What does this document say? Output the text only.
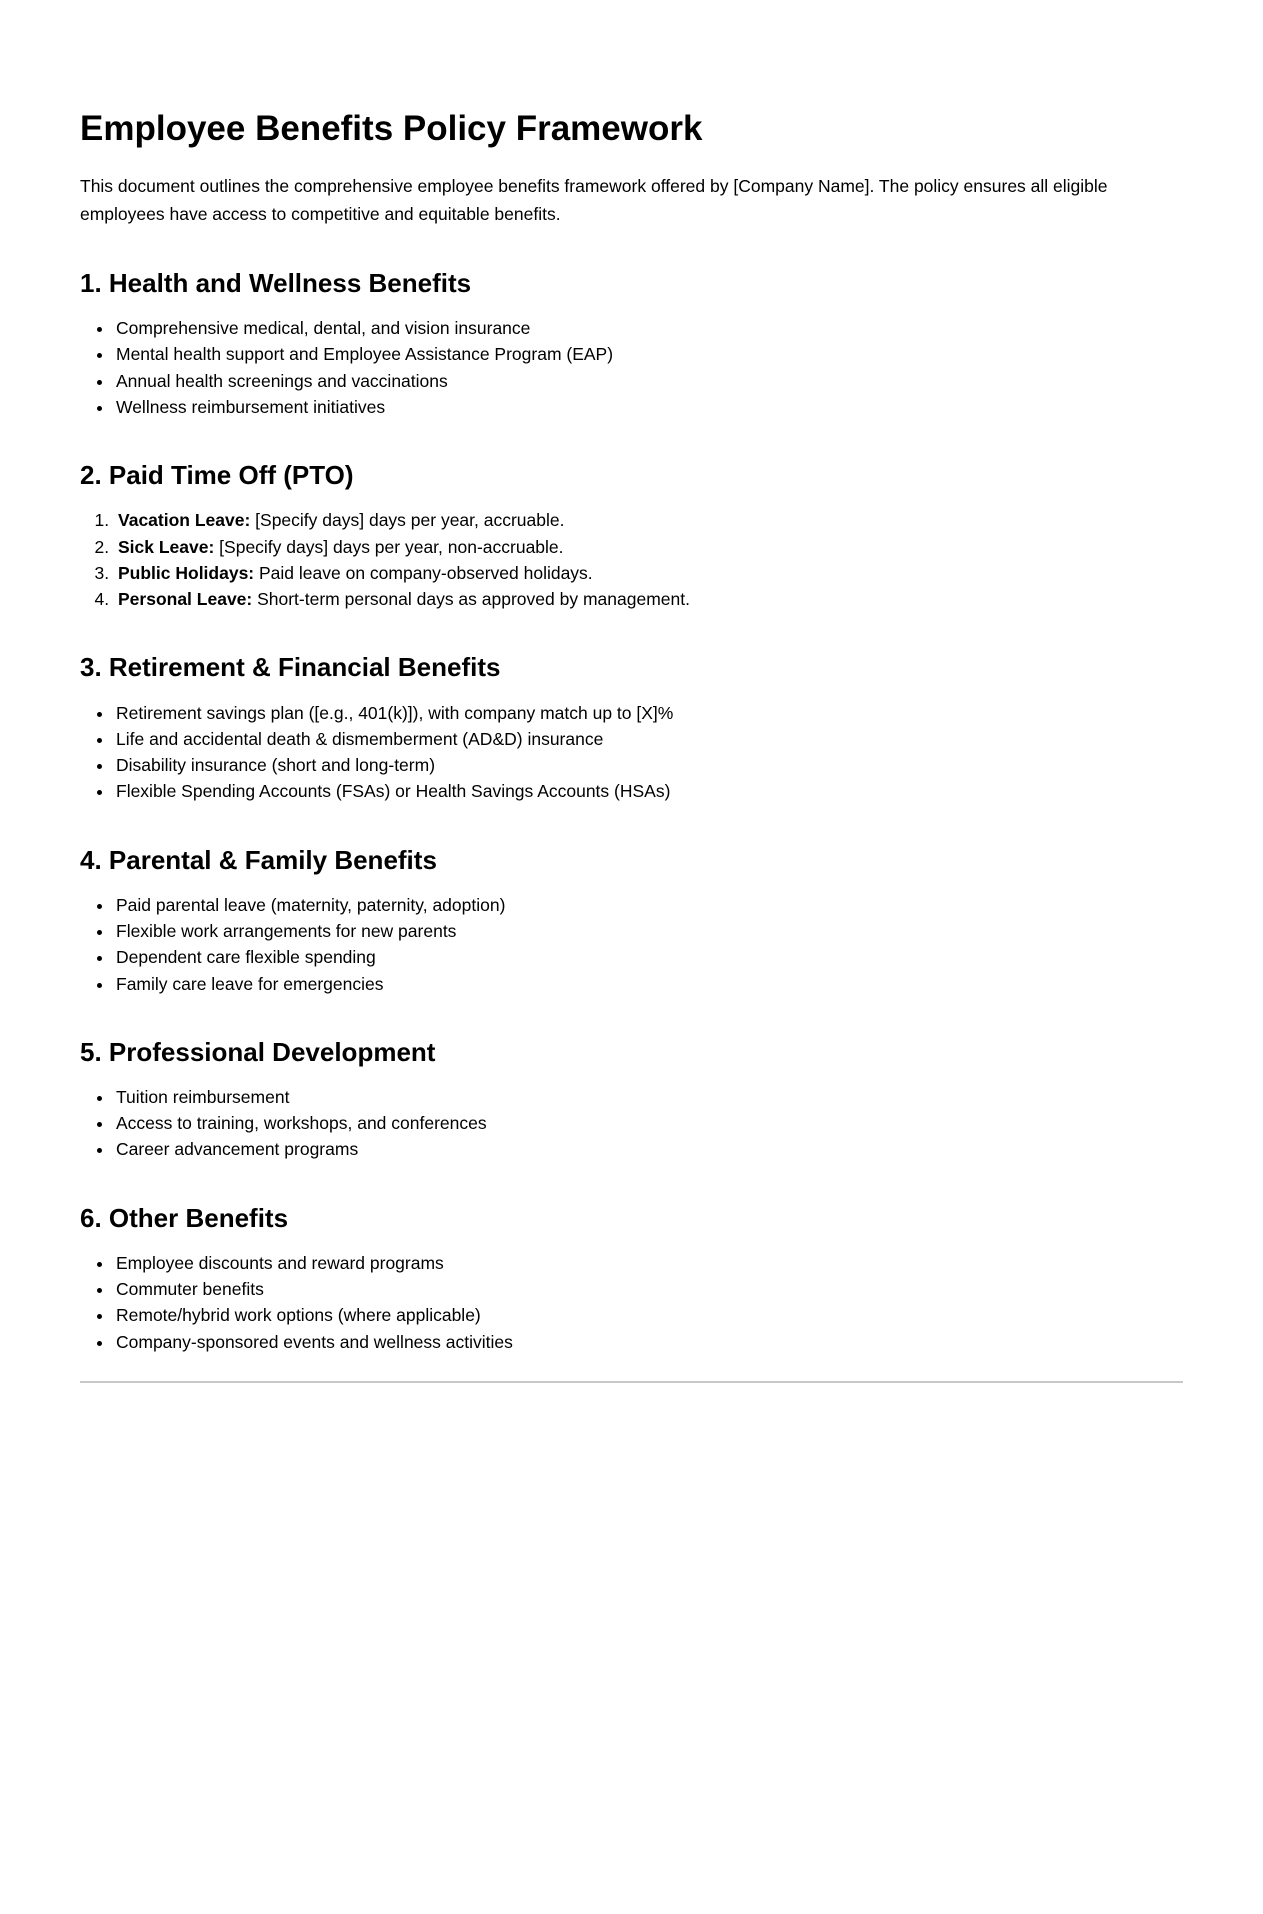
Employee Benefits Policy Framework

This document outlines the comprehensive employee benefits framework offered by [Company Name]. The policy ensures all eligible employees have access to competitive and equitable benefits.

1. Health and Wellness Benefits
• Comprehensive medical, dental, and vision insurance
• Mental health support and Employee Assistance Program (EAP)
• Annual health screenings and vaccinations
• Wellness reimbursement initiatives
2. Paid Time Off (PTO)
1. Vacation Leave: [Specify days] days per year, accruable.
2. Sick Leave: [Specify days] days per year, non-accruable.
3. Public Holidays: Paid leave on company-observed holidays.
4. Personal Leave: Short-term personal days as approved by management.
3. Retirement & Financial Benefits
• Retirement savings plan ([e.g., 401(k)]), with company match up to [X]%
• Life and accidental death & dismemberment (AD&D) insurance
• Disability insurance (short and long-term)
• Flexible Spending Accounts (FSAs) or Health Savings Accounts (HSAs)
4. Parental & Family Benefits
• Paid parental leave (maternity, paternity, adoption)
• Flexible work arrangements for new parents
• Dependent care flexible spending
• Family care leave for emergencies
5. Professional Development
• Tuition reimbursement
• Access to training, workshops, and conferences
• Career advancement programs
6. Other Benefits
• Employee discounts and reward programs
• Commuter benefits
• Remote/hybrid work options (where applicable)
• Company-sponsored events and wellness activities
